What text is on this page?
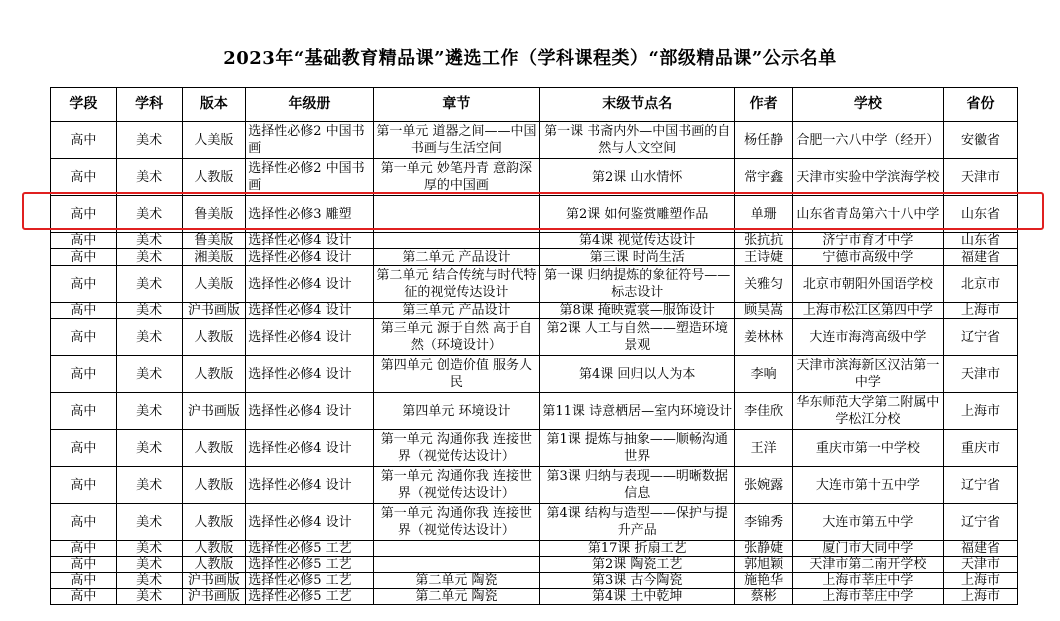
2023年“基础教育精品课”遴选工作（学科课程类）“部级精品课”公示名单
学段	学科	版本	年级册	章节	末级节点名	作者	学校	省份
高中	美术	人美版	选择性必修2 中国书画	第一单元 道器之间——中国书画与生活空间	第一课 书斋内外—中国书画的自然与人文空间	杨任静	合肥一六八中学（经开）	安徽省
高中	美术	人教版	选择性必修2 中国书画	第一单元 妙笔丹青 意韵深厚的中国画	第2课 山水情怀	常宇鑫	天津市实验中学滨海学校	天津市
高中	美术	鲁美版	选择性必修3 雕塑		第2课 如何鉴赏雕塑作品	单珊	山东省青岛第六十八中学	山东省
高中	美术	鲁美版	选择性必修4 设计		第4课 视觉传达设计	张抗抗	济宁市育才中学	山东省
高中	美术	湘美版	选择性必修4 设计	第二单元 产品设计	第三课 时尚生活	王诗婕	宁德市高级中学	福建省
高中	美术	人美版	选择性必修4 设计	第二单元 结合传统与时代特征的视觉传达设计	第一课 归纳提炼的象征符号——标志设计	关雅匀	北京市朝阳外国语学校	北京市
高中	美术	沪书画版	选择性必修4 设计	第三单元 产品设计	第8课 掩映霓裳—服饰设计	顾昊嵩	上海市松江区第四中学	上海市
高中	美术	人教版	选择性必修4 设计	第三单元 源于自然 高于自然（环境设计）	第2课 人工与自然——塑造环境景观	姜林林	大连市海湾高级中学	辽宁省
高中	美术	人教版	选择性必修4 设计	第四单元 创造价值 服务人民	第4课 回归以人为本	李响	天津市滨海新区汉沽第一中学	天津市
高中	美术	沪书画版	选择性必修4 设计	第四单元 环境设计	第11课 诗意栖居—室内环境设计	李佳欣	华东师范大学第二附属中学松江分校	上海市
高中	美术	人教版	选择性必修4 设计	第一单元 沟通你我 连接世界（视觉传达设计）	第1课 提炼与抽象——顺畅沟通世界	王洋	重庆市第一中学校	重庆市
高中	美术	人教版	选择性必修4 设计	第一单元 沟通你我 连接世界（视觉传达设计）	第3课 归纳与表现——明晰数据信息	张婉露	大连市第十五中学	辽宁省
高中	美术	人教版	选择性必修4 设计	第一单元 沟通你我 连接世界（视觉传达设计）	第4课 结构与造型——保护与提升产品	李锦秀	大连市第五中学	辽宁省
高中	美术	人教版	选择性必修5 工艺		第17课 折扇工艺	张静婕	厦门市大同中学	福建省
高中	美术	人教版	选择性必修5 工艺		第2课 陶瓷工艺	郭旭颖	天津市第二南开学校	天津市
高中	美术	沪书画版	选择性必修5 工艺	第二单元 陶瓷	第3课 古今陶瓷	施艳华	上海市莘庄中学	上海市
高中	美术	沪书画版	选择性必修5 工艺	第二单元 陶瓷	第4课 土中乾坤	蔡彬	上海市莘庄中学	上海市
